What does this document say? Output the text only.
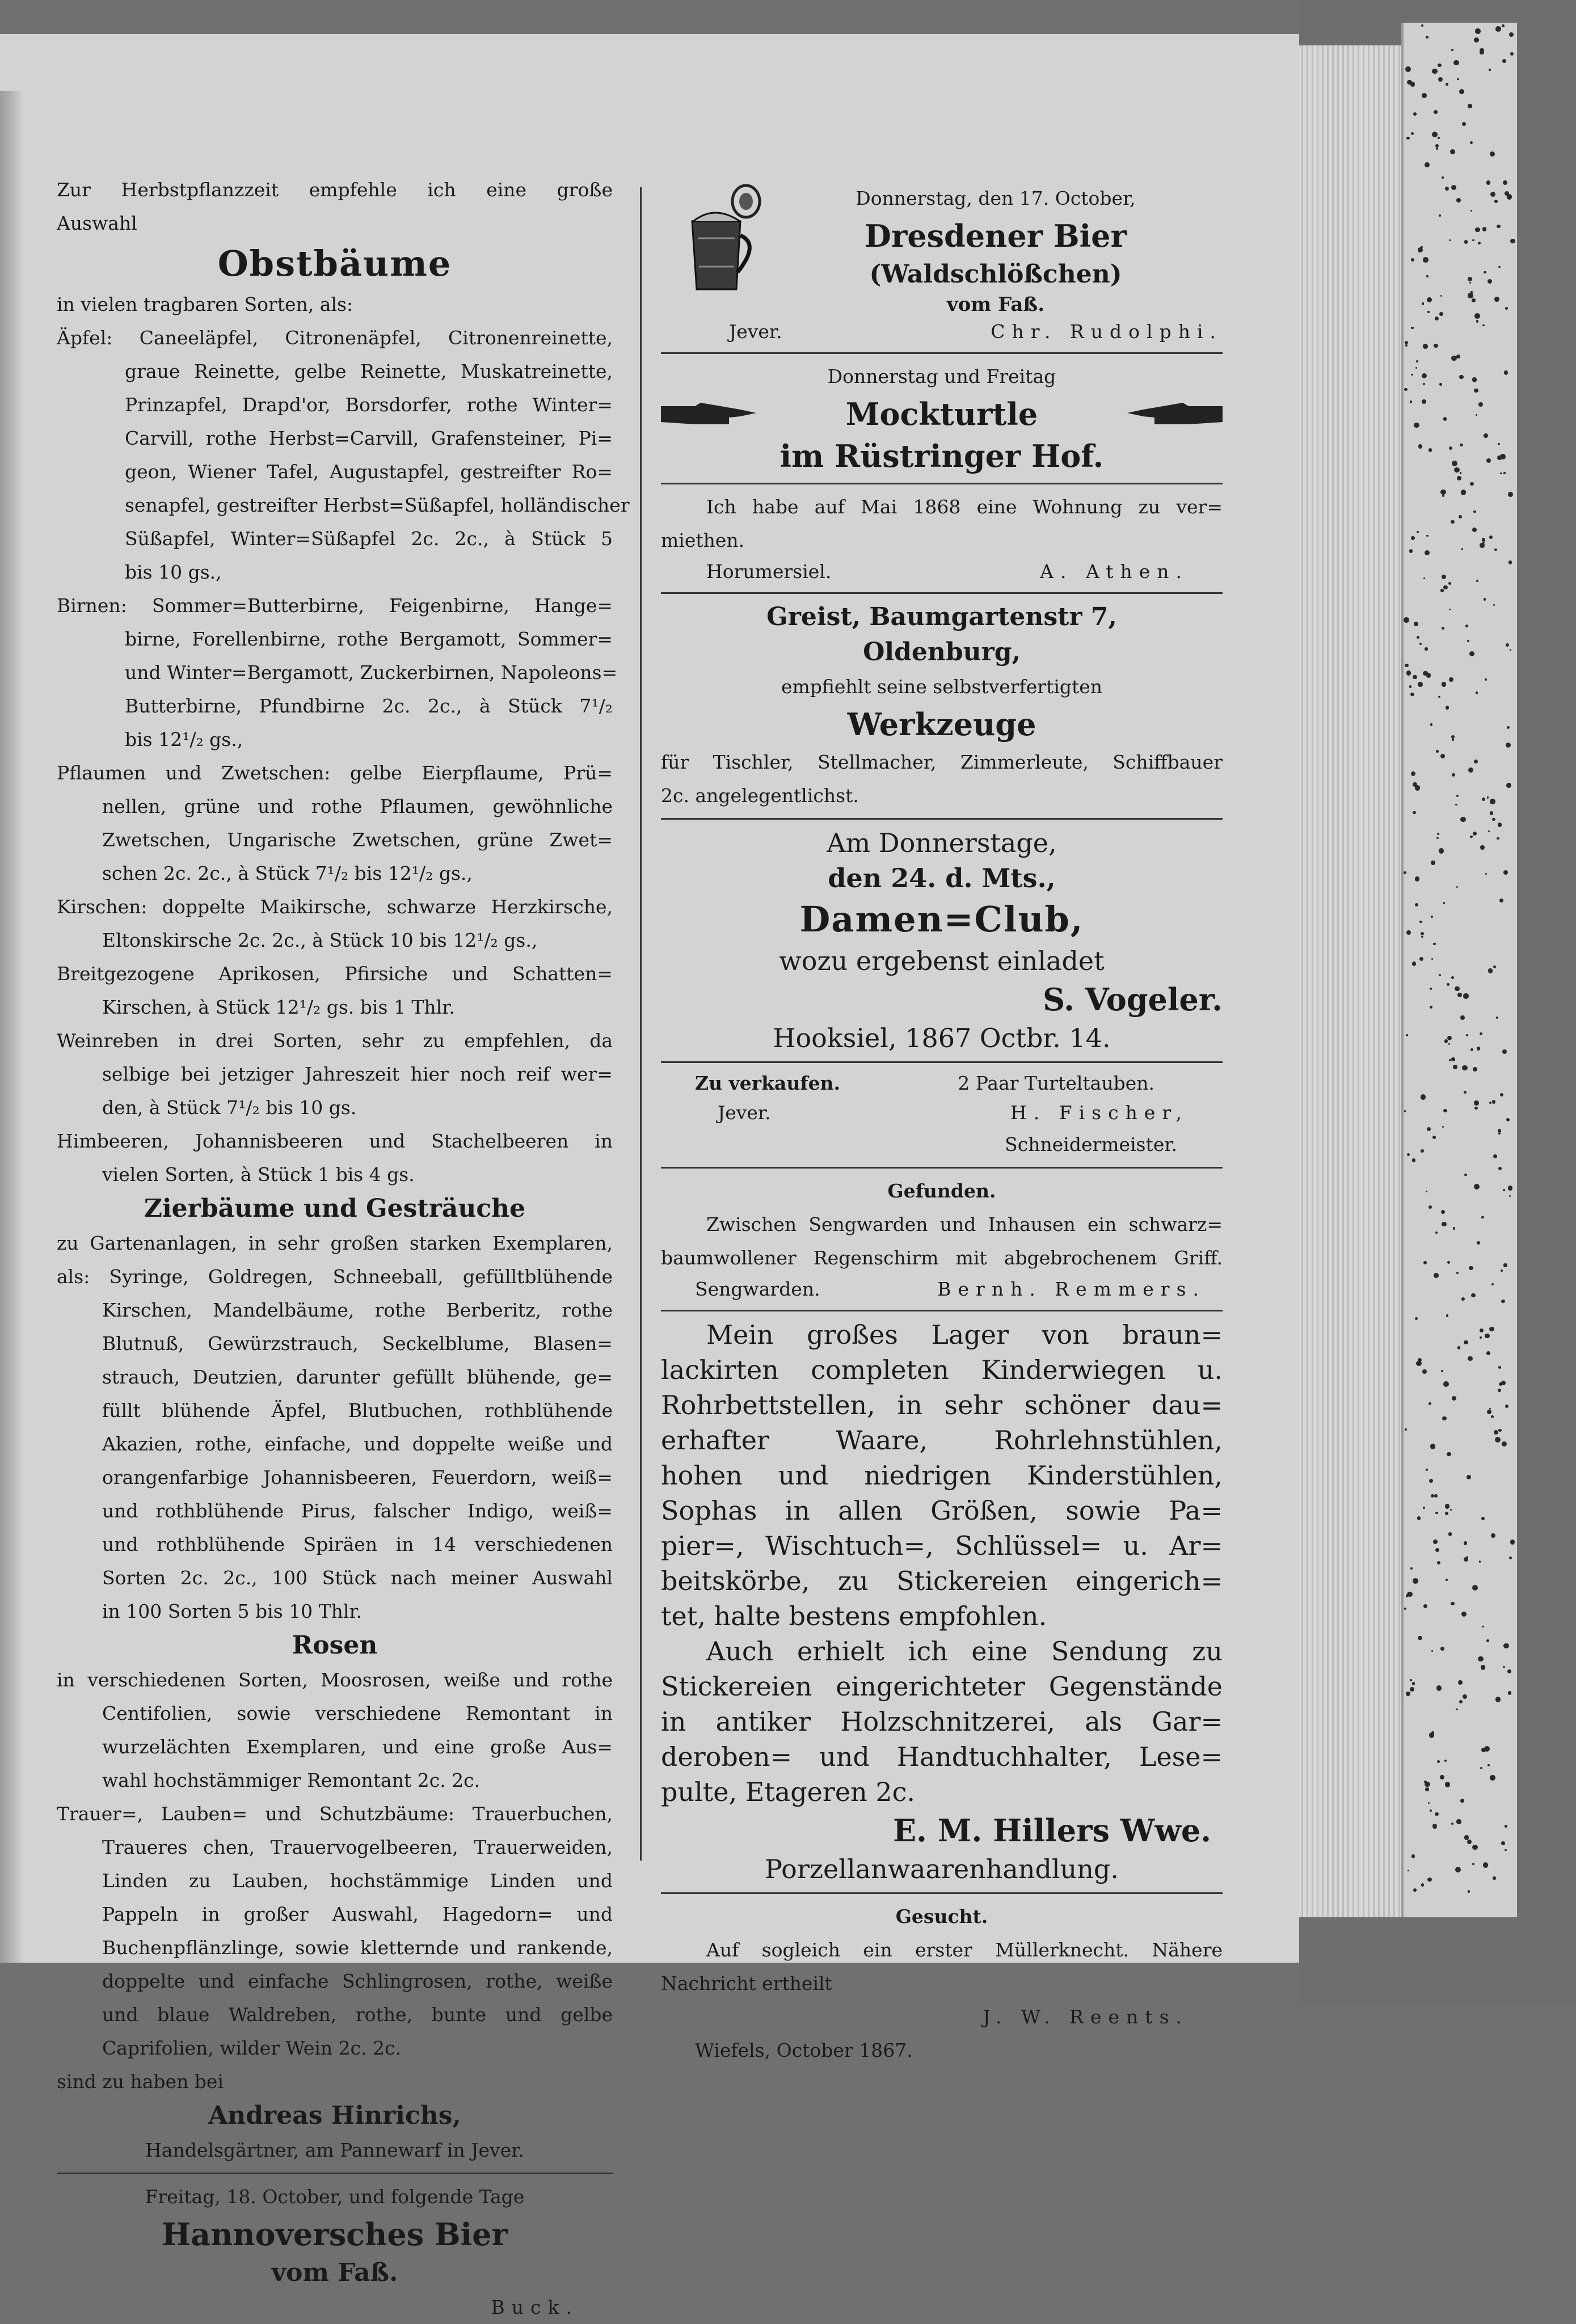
Zur Herbstpflanzzeit empfehle ich eine große
Auswahl
Obstbäume
in vielen tragbaren Sorten, als:
Äpfel: Caneeläpfel, Citronenäpfel, Citronenreinette,
graue Reinette, gelbe Reinette, Muskatreinette,
Prinzapfel, Drapd'or, Borsdorfer, rothe Winter=
Carvill, rothe Herbst=Carvill, Grafensteiner, Pi=
geon, Wiener Tafel, Augustapfel, gestreifter Ro=
senapfel, gestreifter Herbst=Süßapfel, holländischer
Süßapfel, Winter=Süßapfel 2c. 2c., à Stück 5
bis 10 gs.,
Birnen: Sommer=Butterbirne, Feigenbirne, Hange=
birne, Forellenbirne, rothe Bergamott, Sommer=
und Winter=Bergamott, Zuckerbirnen, Napoleons=
Butterbirne, Pfundbirne 2c. 2c., à Stück 7¹/₂
bis 12¹/₂ gs.,
Pflaumen und Zwetschen: gelbe Eierpflaume, Prü=
nellen, grüne und rothe Pflaumen, gewöhnliche
Zwetschen, Ungarische Zwetschen, grüne Zwet=
schen 2c. 2c., à Stück 7¹/₂ bis 12¹/₂ gs.,
Kirschen: doppelte Maikirsche, schwarze Herzkirsche,
Eltonskirsche 2c. 2c., à Stück 10 bis 12¹/₂ gs.,
Breitgezogene Aprikosen, Pfirsiche und Schatten=
Kirschen, à Stück 12¹/₂ gs. bis 1 Thlr.
Weinreben in drei Sorten, sehr zu empfehlen, da
selbige bei jetziger Jahreszeit hier noch reif wer=
den, à Stück 7¹/₂ bis 10 gs.
Himbeeren, Johannisbeeren und Stachelbeeren in
vielen Sorten, à Stück 1 bis 4 gs.
Zierbäume und Gesträuche
zu Gartenanlagen, in sehr großen starken Exemplaren,
als: Syringe, Goldregen, Schneeball, gefülltblühende
Kirschen, Mandelbäume, rothe Berberitz, rothe
Blutnuß, Gewürzstrauch, Seckelblume, Blasen=
strauch, Deutzien, darunter gefüllt blühende, ge=
füllt blühende Äpfel, Blutbuchen, rothblühende
Akazien, rothe, einfache, und doppelte weiße und
orangenfarbige Johannisbeeren, Feuerdorn, weiß=
und rothblühende Pirus, falscher Indigo, weiß=
und rothblühende Spiräen in 14 verschiedenen
Sorten 2c. 2c., 100 Stück nach meiner Auswahl
in 100 Sorten 5 bis 10 Thlr.
Rosen
in verschiedenen Sorten, Moosrosen, weiße und rothe
Centifolien, sowie verschiedene Remontant in
wurzelächten Exemplaren, und eine große Aus=
wahl hochstämmiger Remontant 2c. 2c.
Trauer=, Lauben= und Schutzbäume: Trauerbuchen,
Traueres chen, Trauervogelbeeren, Trauerweiden,
Linden zu Lauben, hochstämmige Linden und
Pappeln in großer Auswahl, Hagedorn= und
Buchenpflänzlinge, sowie kletternde und rankende,
doppelte und einfache Schlingrosen, rothe, weiße
und blaue Waldreben, rothe, bunte und gelbe
Caprifolien, wilder Wein 2c. 2c.
sind zu haben bei
Andreas Hinrichs,
Handelsgärtner, am Pannewarf in Jever.
Freitag, 18. October, und folgende Tage
Hannoversches Bier
vom Faß.
Buck.
Donnerstag, den 17. October,
Dresdener Bier
(Waldschlößchen)
vom Faß.
Jever.	Chr. Rudolphi.
Donnerstag und Freitag
Mockturtle
im Rüstringer Hof.
Ich habe auf Mai 1868 eine Wohnung zu ver=
miethen.
Horumersiel.	A. Athen.
Greist, Baumgartenstr 7,
Oldenburg,
empfiehlt seine selbstverfertigten
Werkzeuge
für Tischler, Stellmacher, Zimmerleute, Schiffbauer
2c. angelegentlichst.
Am Donnerstage,
den 24. d. Mts.,
Damen=Club,
wozu ergebenst einladet
S. Vogeler.
Hooksiel, 1867 Octbr. 14.
Zu verkaufen.	2 Paar Turteltauben.
Jever.	H. Fischer,
Schneidermeister.
Gefunden.
Zwischen Sengwarden und Inhausen ein schwarz=
baumwollener Regenschirm mit abgebrochenem Griff.
Sengwarden.	Bernh. Remmers.
Mein großes Lager von braun=
lackirten completen Kinderwiegen u.
Rohrbettstellen, in sehr schöner dau=
erhafter Waare, Rohrlehnstühlen,
hohen und niedrigen Kinderstühlen,
Sophas in allen Größen, sowie Pa=
pier=, Wischtuch=, Schlüssel= u. Ar=
beitskörbe, zu Stickereien eingerich=
tet, halte bestens empfohlen.
Auch erhielt ich eine Sendung zu
Stickereien eingerichteter Gegenstände
in antiker Holzschnitzerei, als Gar=
deroben= und Handtuchhalter, Lese=
pulte, Etageren 2c.
E. M. Hillers Wwe.
Porzellanwaarenhandlung.
Gesucht.
Auf sogleich ein erster Müllerknecht. Nähere
Nachricht ertheilt
J. W. Reents.
Wiefels, October 1867.
